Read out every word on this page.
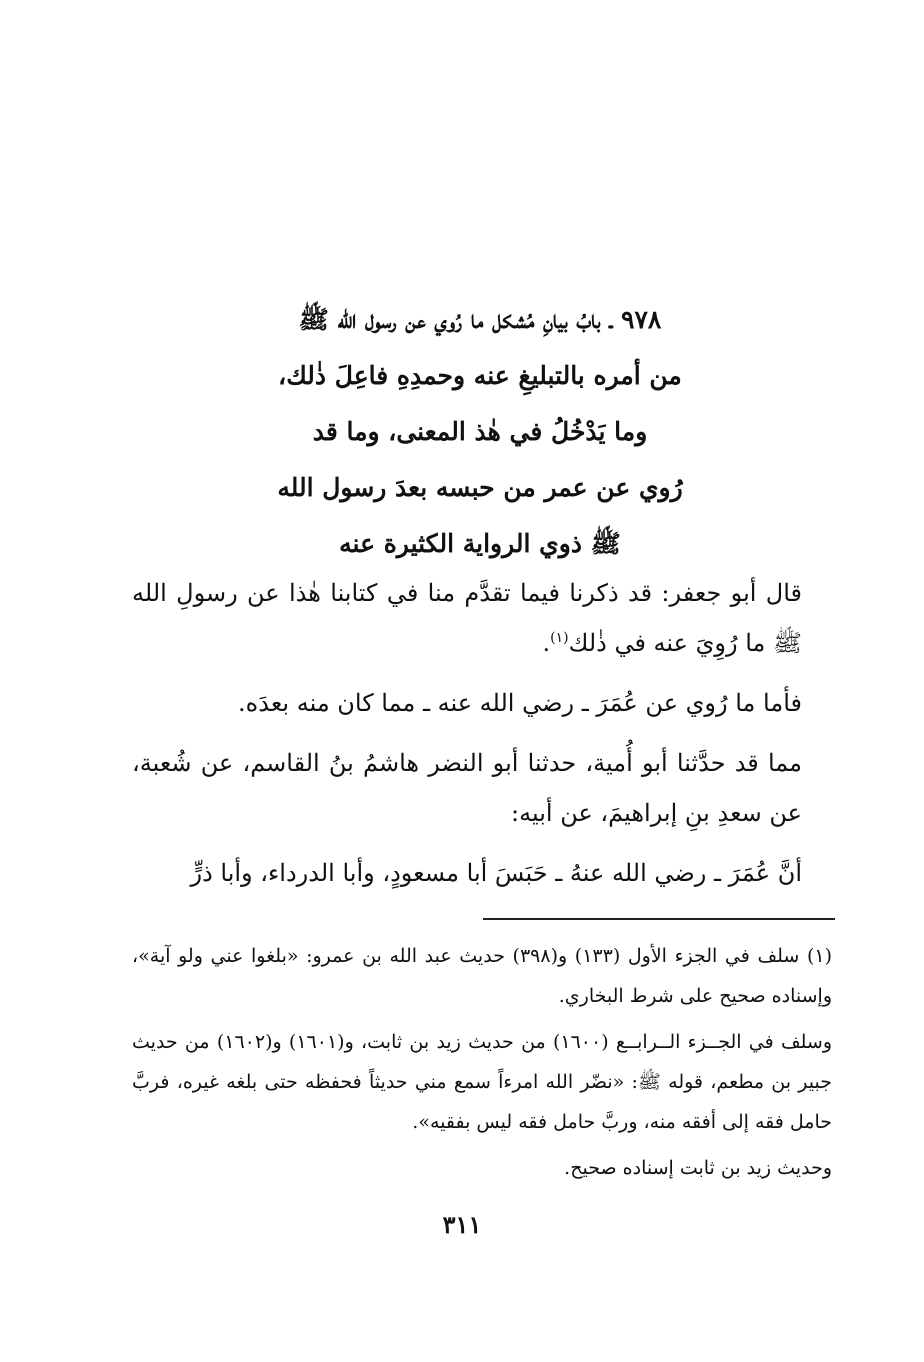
٩٧٨ ـ بابُ بيانِ مُشكل ما رُوي عن رسول الله ﷺ
من أمره بالتبليغِ عنه وحمدِهِ فاعِلَ ذٰلك،
وما يَدْخُلُ في هٰذ المعنى، وما قد
رُوي عن عمر من حبسه بعدَ رسول الله
ﷺ ذوي الرواية الكثيرة عنه

قال أبو جعفر: قد ذكرنا فيما تقدَّم منا في كتابنا هٰذا عن رسولِ الله ﷺ ما رُوِيَ عنه في ذٰلك$^{(١)}$.

فأما ما رُوي عن عُمَرَ ـ رضي الله عنه ـ مما كان منه بعدَه.

مما قد حدَّثنا أبو أُمية، حدثنا أبو النضر هاشمُ بنُ القاسم، عن شُعبة، عن سعدِ بنِ إبراهيمَ، عن أبيه:

أنَّ عُمَرَ ـ رضي الله عنهُ ـ حَبَسَ أبا مسعودٍ، وأبا الدرداء، وأبا ذرٍّ

(١) سلف في الجزء الأول (١٣٣) و(٣٩٨) حديث عبد الله بن عمرو: «بلغوا عني ولو آية»، وإسناده صحيح على شرط البخاري.

وسلف في الجــزء الــرابــع (١٦٠٠) من حديث زيد بن ثابت، و(١٦٠١) و(١٦٠٢) من حديث جبير بن مطعم، قوله ﷺ: «نضّر الله امرءاً سمع مني حديثاً فحفظه حتى بلغه غيره، فربَّ حامل فقه إلى أفقه منه، وربَّ حامل فقه ليس بفقيه».

وحديث زيد بن ثابت إسناده صحيح.

٣١١
